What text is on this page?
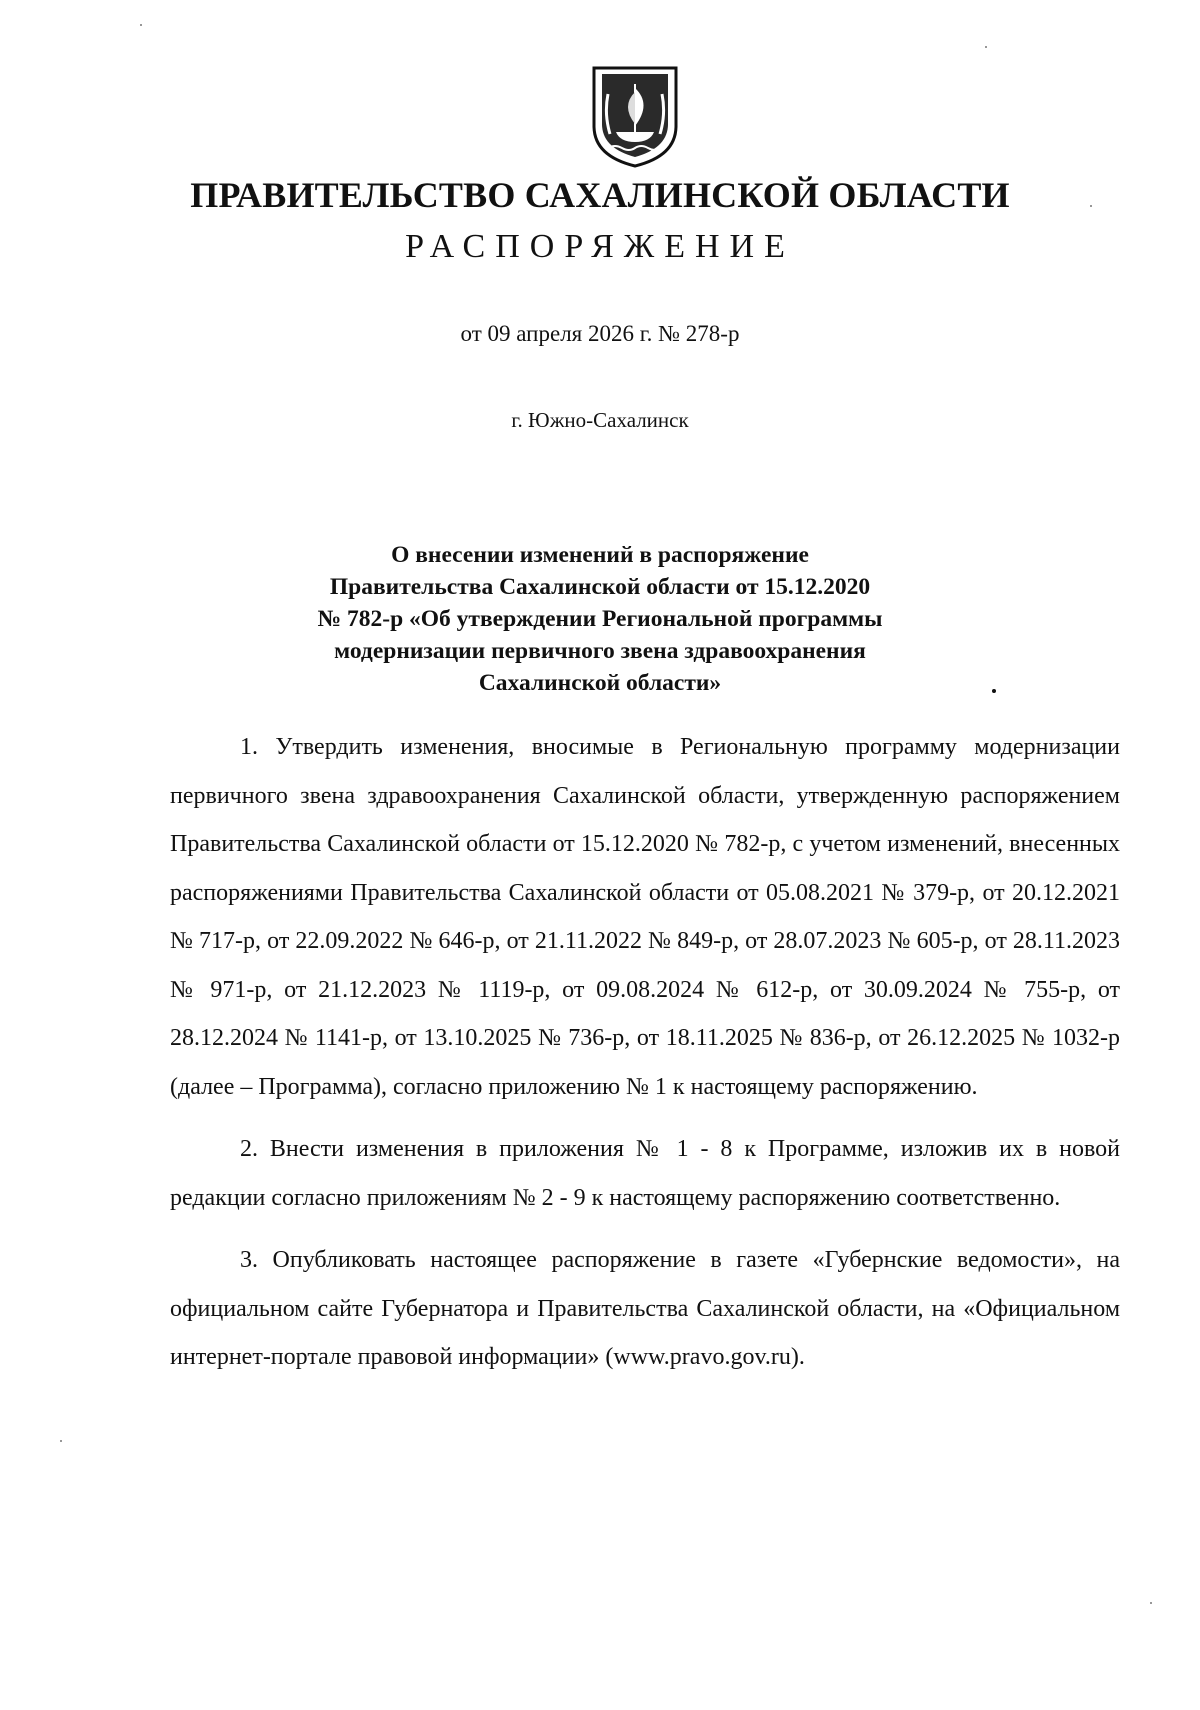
ПРАВИТЕЛЬСТВО САХАЛИНСКОЙ ОБЛАСТИ
РАСПОРЯЖЕНИЕ
от 09 апреля 2026 г. № 278-р
г. Южно-Сахалинск
О внесении изменений в распоряжение
Правительства Сахалинской области от 15.12.2020
№ 782-р «Об утверждении Региональной программы
модернизации первичного звена здравоохранения
Сахалинской области»

1. Утвердить изменения, вносимые в Региональную программу модернизации первичного звена здравоохранения Сахалинской области, утвержденную распоряжением Правительства Сахалинской области от 15.12.2020 № 782-р, с учетом изменений, внесенных распоряжениями Правительства Сахалинской области от 05.08.2021 № 379-р, от 20.12.2021 № 717-р, от 22.09.2022 № 646-р, от 21.11.2022 № 849-р, от 28.07.2023 № 605-р, от 28.11.2023 № 971-р, от 21.12.2023 № 1119-р, от 09.08.2024 № 612-р, от 30.09.2024 № 755-р, от 28.12.2024 № 1141-р, от 13.10.2025 № 736-р, от 18.11.2025 № 836-р, от 26.12.2025 № 1032-р (далее – Программа), согласно приложению № 1 к настоящему распоряжению.

2. Внести изменения в приложения № 1 - 8 к Программе, изложив их в новой редакции согласно приложениям № 2 - 9 к настоящему распоряжению соответственно.

3. Опубликовать настоящее распоряжение в газете «Губернские ведомости», на официальном сайте Губернатора и Правительства Сахалинской области, на «Официальном интернет-портале правовой информации» (www.pravo.gov.ru).
